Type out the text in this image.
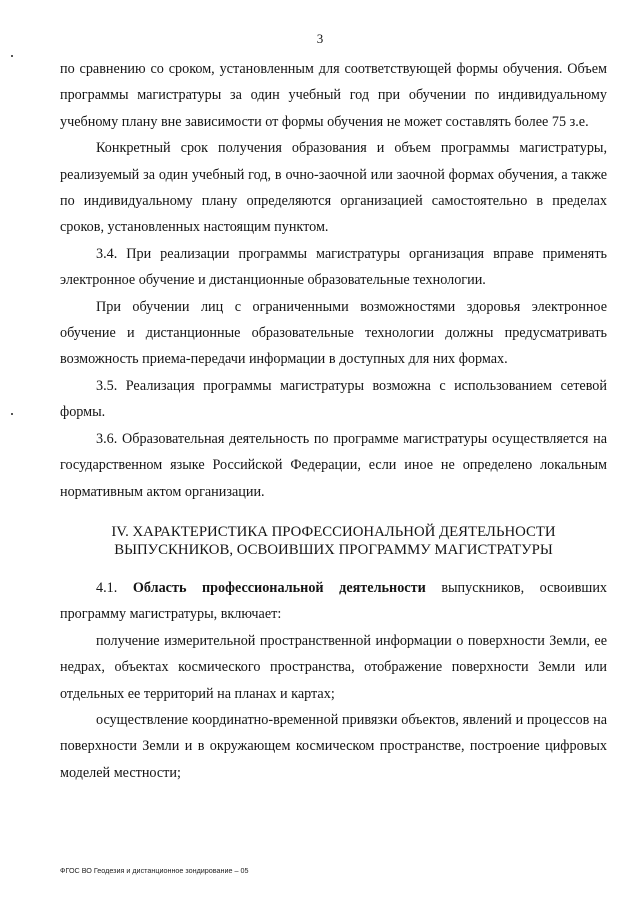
3

по сравнению со сроком, установленным для соответствующей формы обучения. Объем программы магистратуры за один учебный год при обучении по индивидуальному учебному плану вне зависимости от формы обучения не может составлять более 75 з.е.

Конкретный срок получения образования и объем программы магистратуры, реализуемый за один учебный год, в очно-заочной или заочной формах обучения, а также по индивидуальному плану определяются организацией самостоятельно в пределах сроков, установленных настоящим пунктом.

3.4. При реализации программы магистратуры организация вправе применять электронное обучение и дистанционные образовательные технологии.

При обучении лиц с ограниченными возможностями здоровья электронное обучение и дистанционные образовательные технологии должны предусматривать возможность приема-передачи информации в доступных для них формах.

3.5. Реализация программы магистратуры возможна с использованием сетевой формы.

3.6. Образовательная деятельность по программе магистратуры осуществляется на государственном языке Российской Федерации, если иное не определено локальным нормативным актом организации.

IV. ХАРАКТЕРИСТИКА ПРОФЕССИОНАЛЬНОЙ ДЕЯТЕЛЬНОСТИ
ВЫПУСКНИКОВ, ОСВОИВШИХ ПРОГРАММУ МАГИСТРАТУРЫ

4.1. Область профессиональной деятельности выпускников, освоивших программу магистратуры, включает:

получение измерительной пространственной информации о поверхности Земли, ее недрах, объектах космического пространства, отображение поверхности Земли или отдельных ее территорий на планах и картах;

осуществление координатно-временной привязки объектов, явлений и процессов на поверхности Земли и в окружающем космическом пространстве, построение цифровых моделей местности;

ФГОС ВО Геодезия и дистанционное зондирование – 05
